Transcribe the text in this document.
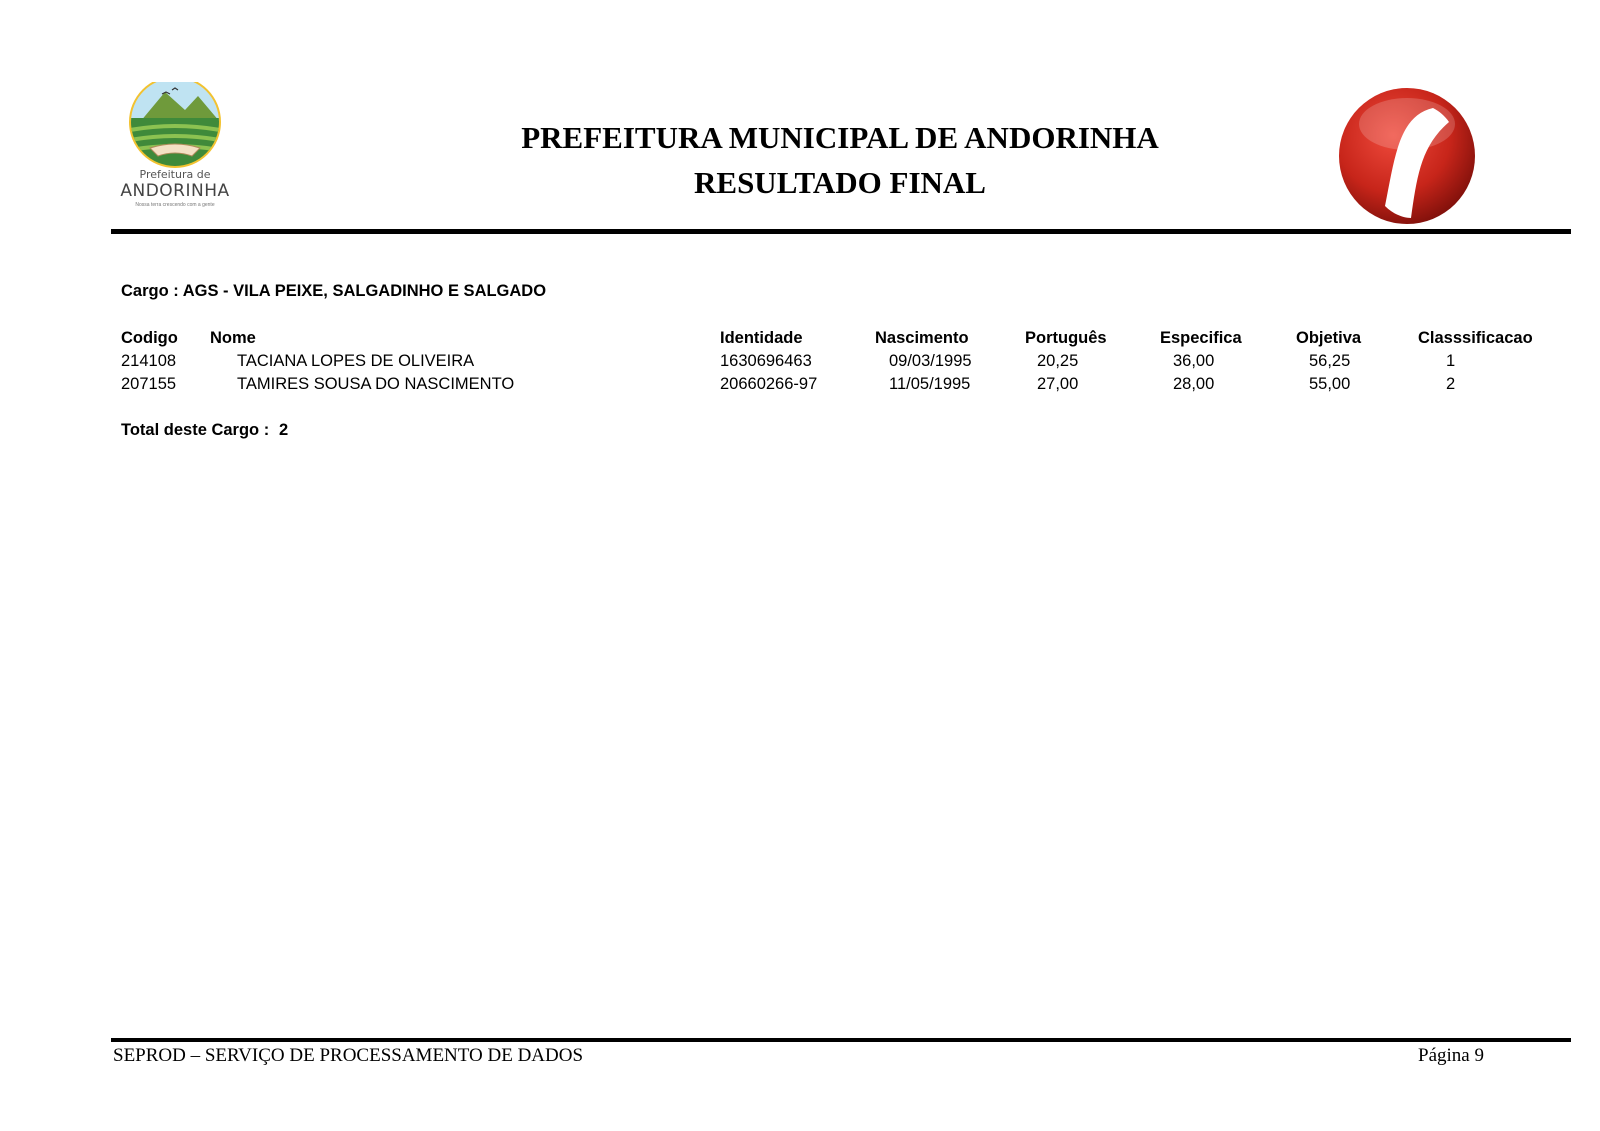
Prefeitura de
ANDORINHA
Nossa terra crescendo com a gente
PREFEITURA MUNICIPAL DE ANDORINHA
RESULTADO FINAL
Cargo : AGS - VILA PEIXE, SALGADINHO E SALGADO
Codigo Nome	Identidade	Nascimento	Português	Especifica	Objetiva	Classsificacao
214108	TACIANA LOPES DE OLIVEIRA	1630696463	09/03/1995	20,25	36,00	56,25	1
207155	TAMIRES SOUSA DO NASCIMENTO	20660266-97	11/05/1995	27,00	28,00	55,00	2
Total deste Cargo : 2
SEPROD – SERVIÇO DE PROCESSAMENTO DE DADOS	Página 9
